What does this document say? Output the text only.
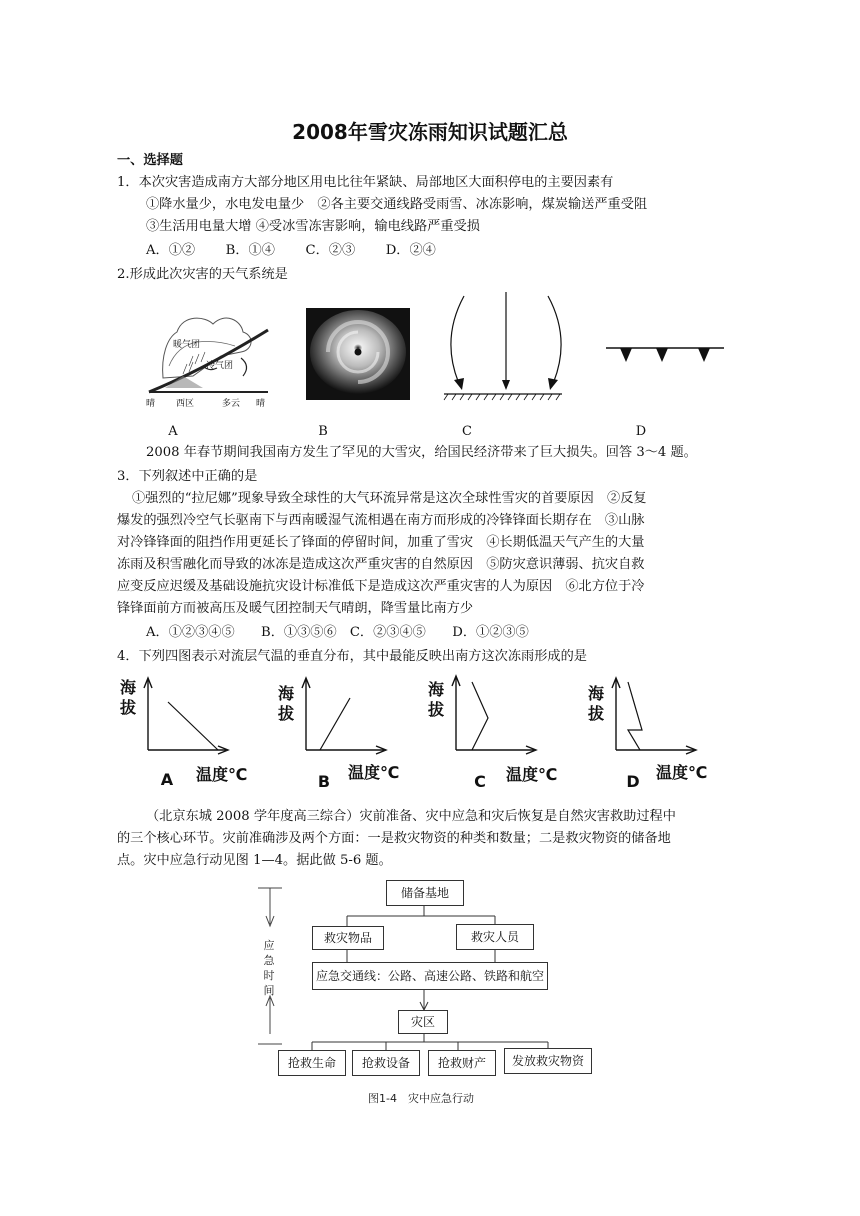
2008年雪灾冻雨知识试题汇总
一、选择题
1．本次灾害造成南方大部分地区用电比往年紧缺、局部地区大面积停电的主要因素有
①降水量少，水电发电量少　②各主要交通线路受雨雪、冰冻影响，煤炭输送严重受阻
③生活用电量大增 ④受冰雪冻害影响，输电线路严重受损
A．①②　　 B．①④　　 C．②③　　 D．②④
2.形成此次灾害的天气系统是
暖气团
冷气团
晴 西区	多云 晴
A	B	C	D
2008 年春节期间我国南方发生了罕见的大雪灾，给国民经济带来了巨大损失。回答 3～4 题。
3．下列叙述中正确的是
①强烈的“拉尼娜”现象导致全球性的大气环流异常是这次全球性雪灾的首要原因　②反复
爆发的强烈冷空气长驱南下与西南暖湿气流相遇在南方而形成的冷锋锋面长期存在　③山脉
对冷锋锋面的阻挡作用更延长了锋面的停留时间，加重了雪灾　④长期低温天气产生的大量
冻雨及积雪融化而导致的冰冻是造成这次严重灾害的自然原因　⑤防灾意识薄弱、抗灾自救
应变反应迟缓及基础设施抗灾设计标准低下是造成这次严重灾害的人为原因　⑥北方位于冷
锋锋面前方而被高压及暖气团控制天气晴朗，降雪量比南方少
A．①②③④⑤　　B．①③⑤⑥　C．②③④⑤　　D．①②③⑤
4．下列四图表示对流层气温的垂直分布，其中最能反映出南方这次冻雨形成的是
海拔
温度℃
A
海拔
温度℃
B
海拔
温度℃
C
海拔
温度℃
D
（北京东城 2008 学年度高三综合）灾前准备、灾中应急和灾后恢复是自然灾害救助过程中
的三个核心环节。灾前准确涉及两个方面：一是救灾物资的种类和数量；二是救灾物资的储备地
点。灾中应急行动见图 1—4。据此做 5-6 题。
应急时间
储备基地
救灾物品	救灾人员
应急交通线：公路、高速公路、铁路和航空
灾区
抢救生命	抢救设备	抢救财产	发放救灾物资
图1-4　灾中应急行动
